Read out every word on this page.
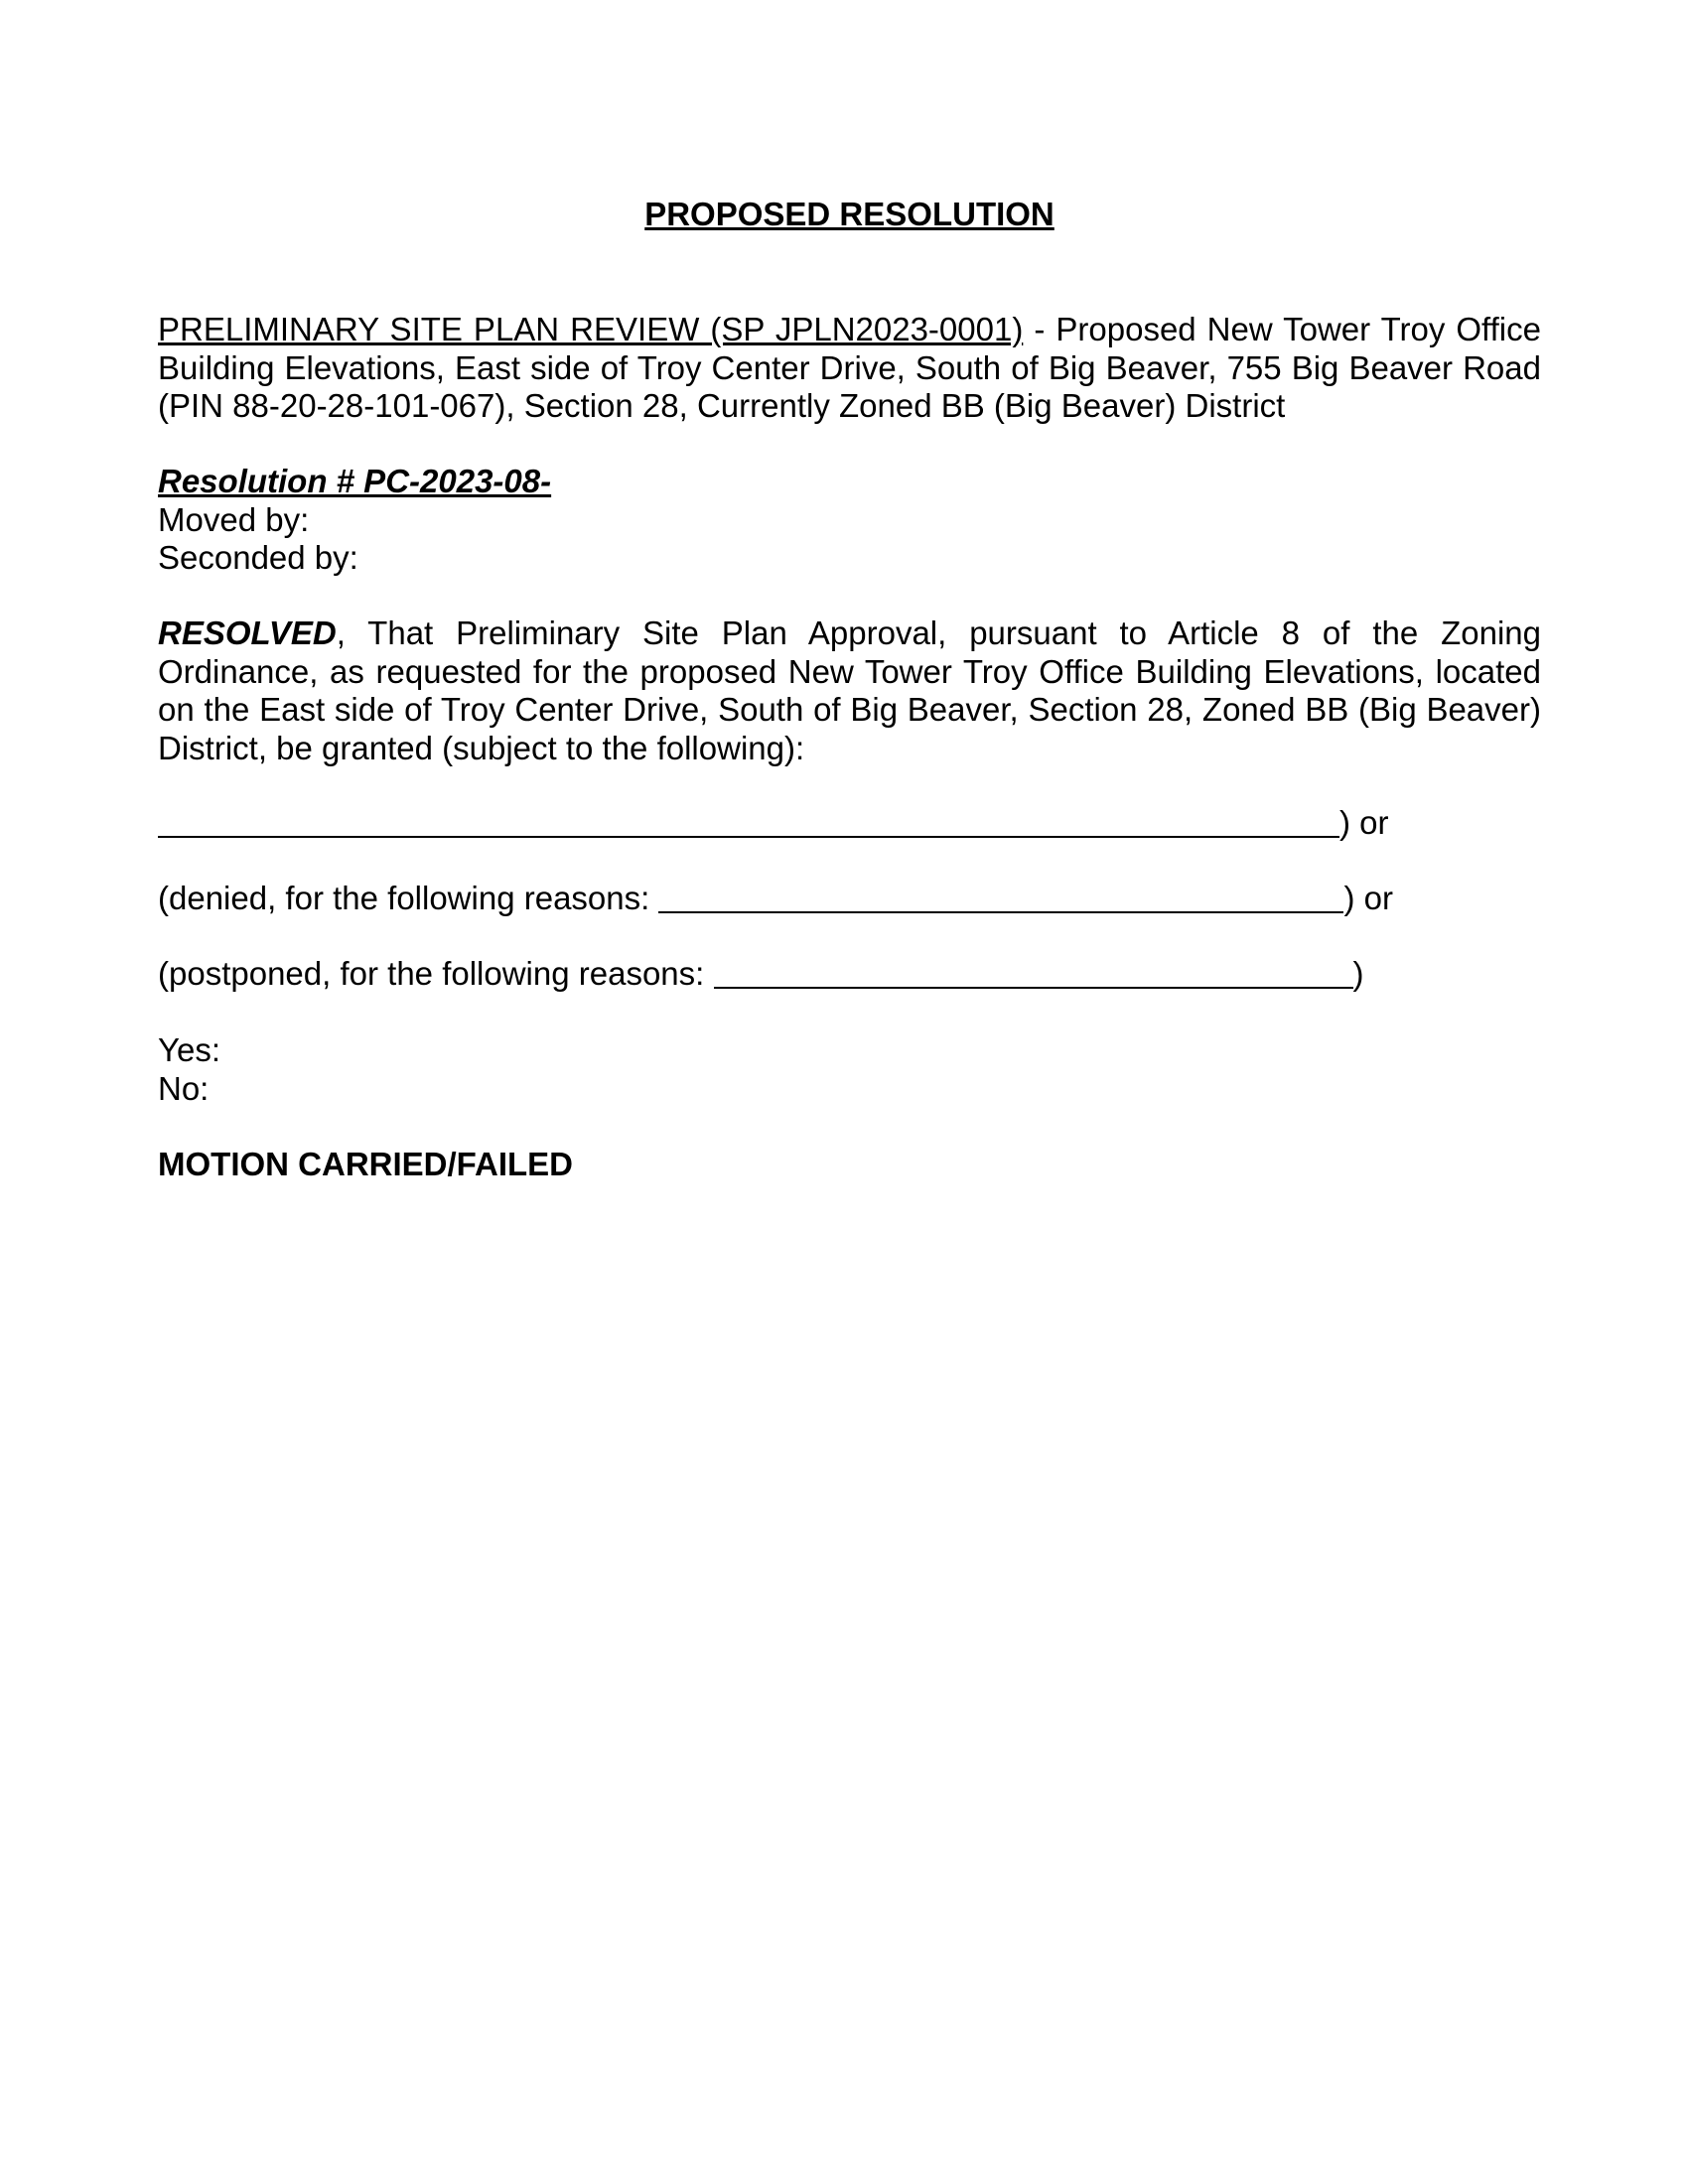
PROPOSED RESOLUTION

PRELIMINARY SITE PLAN REVIEW (SP JPLN2023-0001) - Proposed New Tower Troy Office Building Elevations, East side of Troy Center Drive, South of Big Beaver, 755 Big Beaver Road (PIN 88-20-28-101-067), Section 28, Currently Zoned BB (Big Beaver) District

Resolution # PC-2023-08-
Moved by:
Seconded by:

RESOLVED, That Preliminary Site Plan Approval, pursuant to Article 8 of the Zoning Ordinance, as requested for the proposed New Tower Troy Office Building Elevations, located on the East side of Troy Center Drive, South of Big Beaver, Section 28, Zoned BB (Big Beaver) District, be granted (subject to the following):

) or
(denied, for the following reasons:	) or
(postponed, for the following reasons:	)
Yes:
No:
MOTION CARRIED/FAILED
